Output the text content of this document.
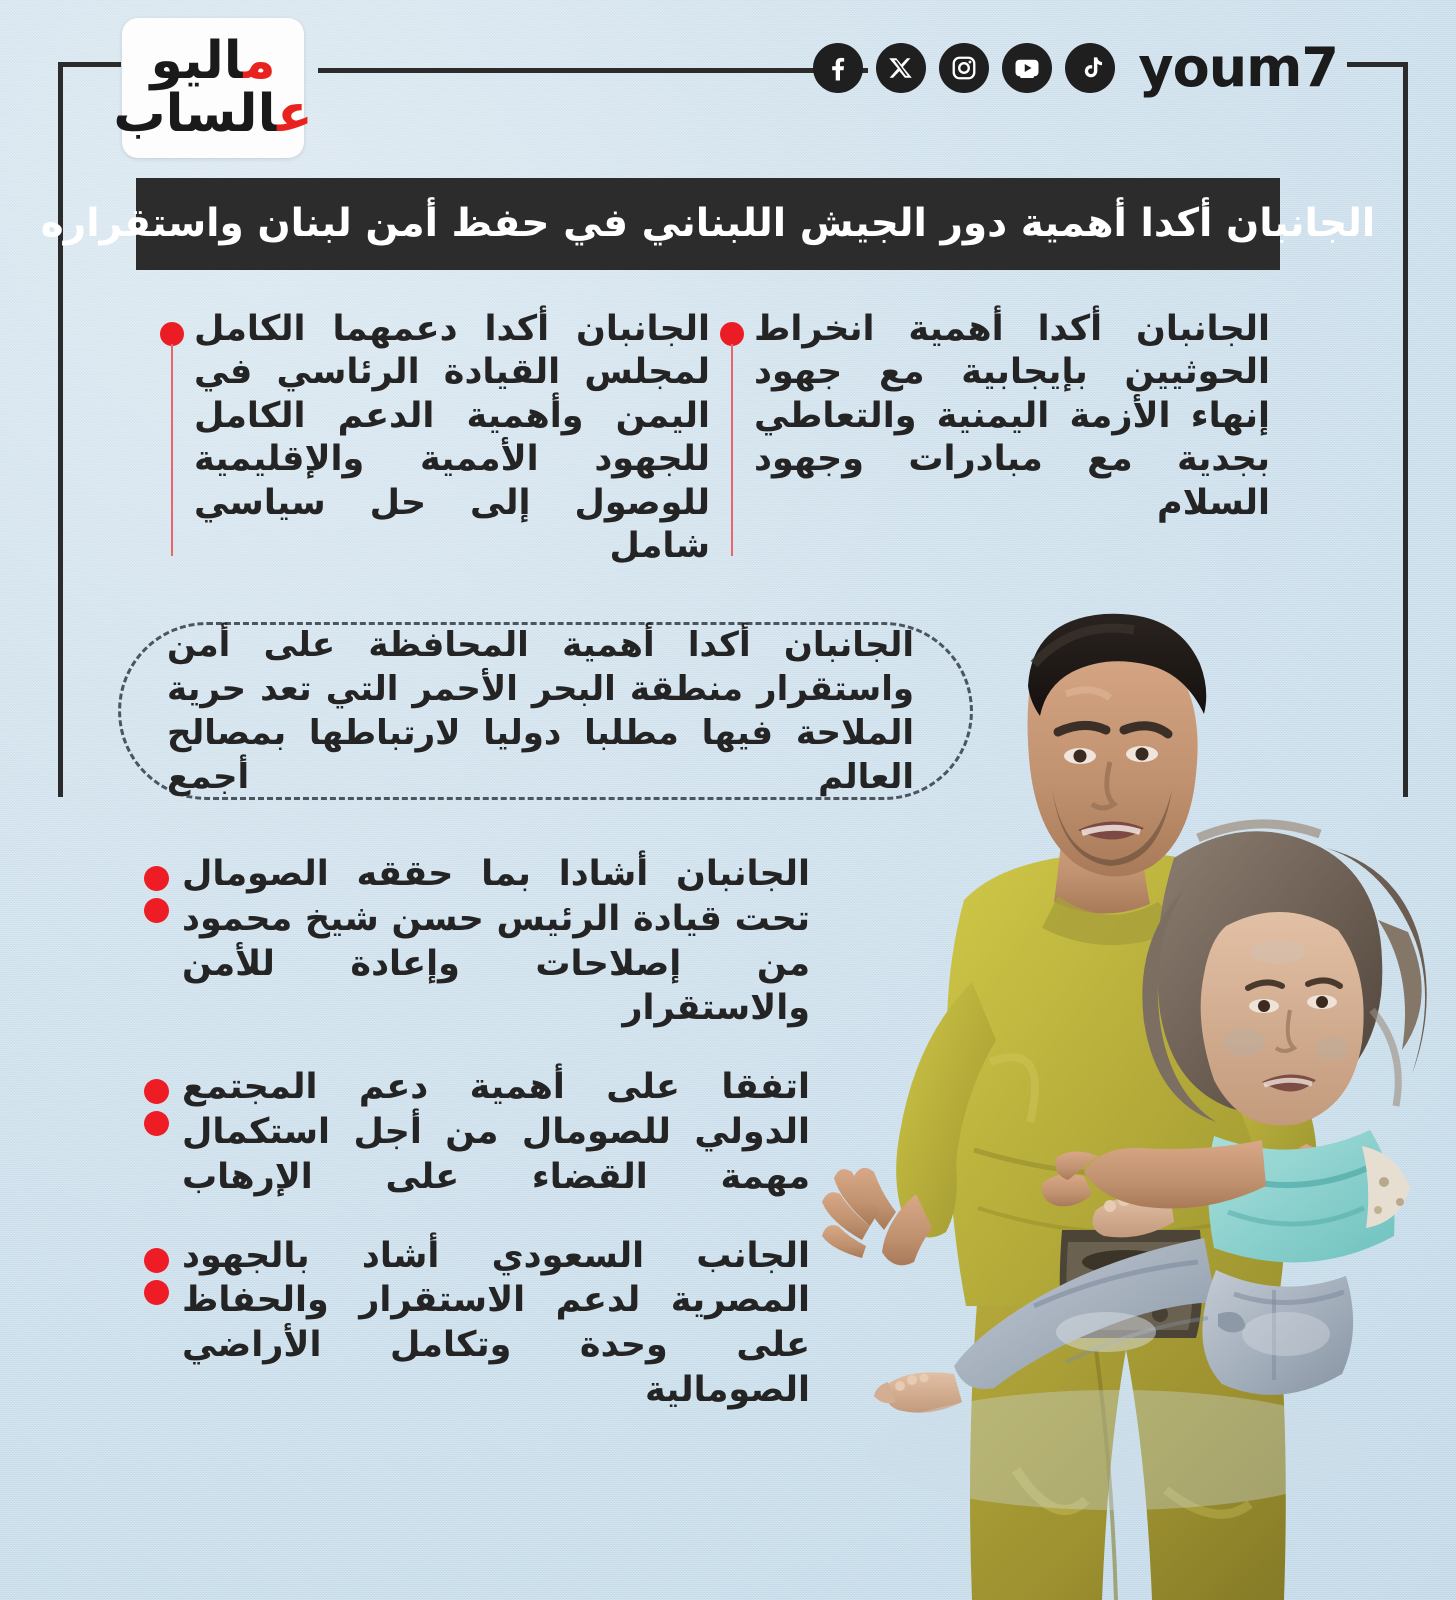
ماليو
عالساب
youm7
الجانبان أكدا أهمية دور الجيش اللبناني في حفظ أمن لبنان واستقراره
الجانبان أكدا دعمهما الكامل لمجلس القيادة الرئاسي في اليمن وأهمية الدعم الكامل للجهود الأممية والإقليمية للوصول إلى حل سياسي شامل
الجانبان أكدا أهمية انخراط الحوثيين بإيجابية مع جهود إنهاء الأزمة اليمنية والتعاطي بجدية مع مبادرات وجهود السلام
الجانبان أكدا أهمية المحافظة على أمن واستقرار منطقة البحر الأحمر التي تعد حرية الملاحة فيها مطلبا دوليا لارتباطها بمصالح العالم أجمع
الجانبان أشادا بما حققه الصومال تحت قيادة الرئيس حسن شيخ محمود من إصلاحات وإعادة للأمن والاستقرار
اتفقا على أهمية دعم المجتمع الدولي للصومال من أجل استكمال مهمة القضاء على الإرهاب
الجانب السعودي أشاد بالجهود المصرية لدعم الاستقرار والحفاظ على وحدة وتكامل الأراضي الصومالية
